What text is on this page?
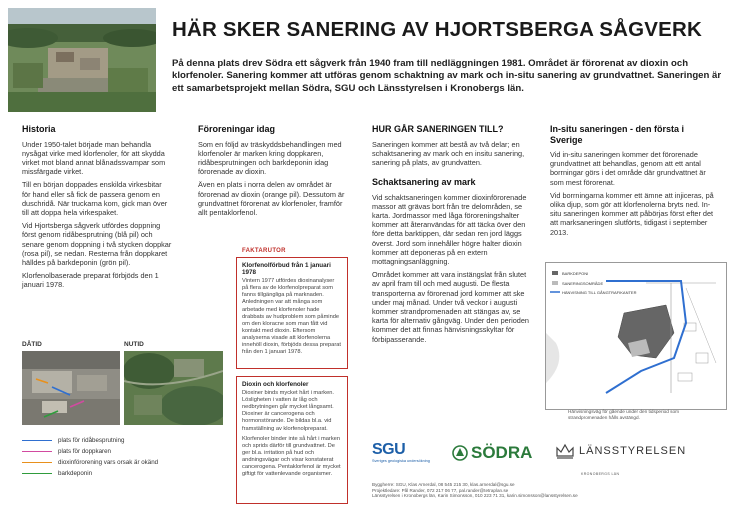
HÄR SKER SANERING AV HJORTSBERGA SÅGVERK
På denna plats drev Södra ett sågverk från 1940 fram till nedläggningen 1981. Området är förorenat av dioxin och klorfenoler. Sanering kommer att utföras genom schaktning av mark och in-situ sanering av grundvattnet. Saneringen är ett samarbetsprojekt mellan Södra, SGU och Länsstyrelsen i Kronobergs län.
Historia

Under 1950-talet började man behandla nysågat virke med klorfenoler, för att skydda virket mot bland annat blånadssvampar som missfärgade virket.

Till en början doppades enskilda virkesbitar för hand eller så fick de passera genom en duschridå. När truckarna kom, gick man över till att doppa hela virkespaket.

Vid Hjortsberga sågverk utfördes doppning först genom ridåbesprutning (blå pil) och senare genom doppning i två stycken doppkar (rosa pil), se nedan. Resterna från doppkaret hälldes på barkdeponin (grön pil).

Klorfenolbaserade preparat förbjöds den 1 januari 1978.

Föroreningar idag

Som en följd av träskyddsbehandlingen med klorfenoler är marken kring doppkaren, ridåbesprutningen och barkdeponin idag förorenade av dioxin.

Även en plats i norra delen av området är förorenad av dioxin (orange pil). Dessutom är grundvattnet förorenat av klorfenoler, framför allt pentaklorfenol.

FAKTARUTOR
Klorfenolförbud från 1 januari 1978
Vintern 1977 utfördes dioxinanalyser på flera av de klorfenolpreparat som fanns tillgängliga på marknaden. Anledningen var att många som arbetade med klorfenoler hade drabbats av hudproblem som påminde om den kloracne som man fått vid kontakt med dioxin. Eftersom analyserna visade att klorfenolerna innehöll dioxin, förbjöds dessa preparat från den 1 januari 1978.
Dioxin och klorfenoler
Dioxiner binds mycket hårt i marken. Lösligheten i vatten är låg och nedbrytningen går mycket långsamt. Dioxiner är cancerogena och hormonstörande. De bildas bl.a. vid framställning av klorfenolpreparat.
Klorfenoler binder inte så hårt i marken och sprids därför till grundvattnet. De ger bl.a. irritation på hud och andningsvägar och visar konstaterat cancerogena. Pentaklorfenol är mycket giftigt för vattenlevande organismer.
HUR GÅR SANERINGEN TILL?

Saneringen kommer att bestå av två delar; en schaktsanering av mark och en insitu sanering, sanering på plats, av grundvatten.

Schaktsanering av mark

Vid schaktsaneringen kommer dioxinförorenade massor att grävas bort från tre delområden, se karta. Jordmassor med låga föroreningshalter kommer att återanvändas för att täcka över den före detta barktippen, där sedan ren jord läggs överst. Jord som innehåller högre halter dioxin kommer att deponeras på en extern mottagningsanläggning.

Området kommer att vara instängslat från slutet av april fram till och med augusti. De flesta transporterna av förorenad jord kommer att ske under maj månad. Under två veckor i augusti kommer strandpromenaden att stängas av, se karta för alternativ gångväg. Under den perioden kommer det att finnas hänvisningsskyltar för förbipasserande.

In-situ saneringen - den första i Sverige

Vid in-situ saneringen kommer det förorenade grundvattnet att behandlas, genom att ett antal borrningar görs i det område där grundvattnet är som mest förorenat.

Vid borrningarna kommer ett ämne att injiceras, på olika djup, som gör att klorfenolerna bryts ned. In-situ saneringen kommer att påbörjas först efter det att marksaneringen slutförts, tidigast i september 2013.

DÅTID	NUTID
plats för ridåbesprutning
plats för doppkaren
dioxinförorening vars orsak är okänd
barkdeponin
BARKDEPONI
SANERINGSOMRÅDE
HÄNVISNING TILL GÅNGTRAFIKANTER
Hänvisningsväg för gående under den tidsperiod som strandpromenaden hålls avstängd.
SGU
Sveriges geologiska undersökning SÖDRA	LÄNSSTYRELSEN
KRONOBERGS LÄN
Byggherre: SGU, Klas Arnerdal, 08 545 215 30, klas.arnerdal@sgu.se
Projektledare: Pål Rander, 072 217 06 77, pal.rander@tetraplan.se
Länsstyrelsen i Kronobergs län, Karin Simonsson, 010 223 71 31, karin.simonsson@lansstyrelsen.se
